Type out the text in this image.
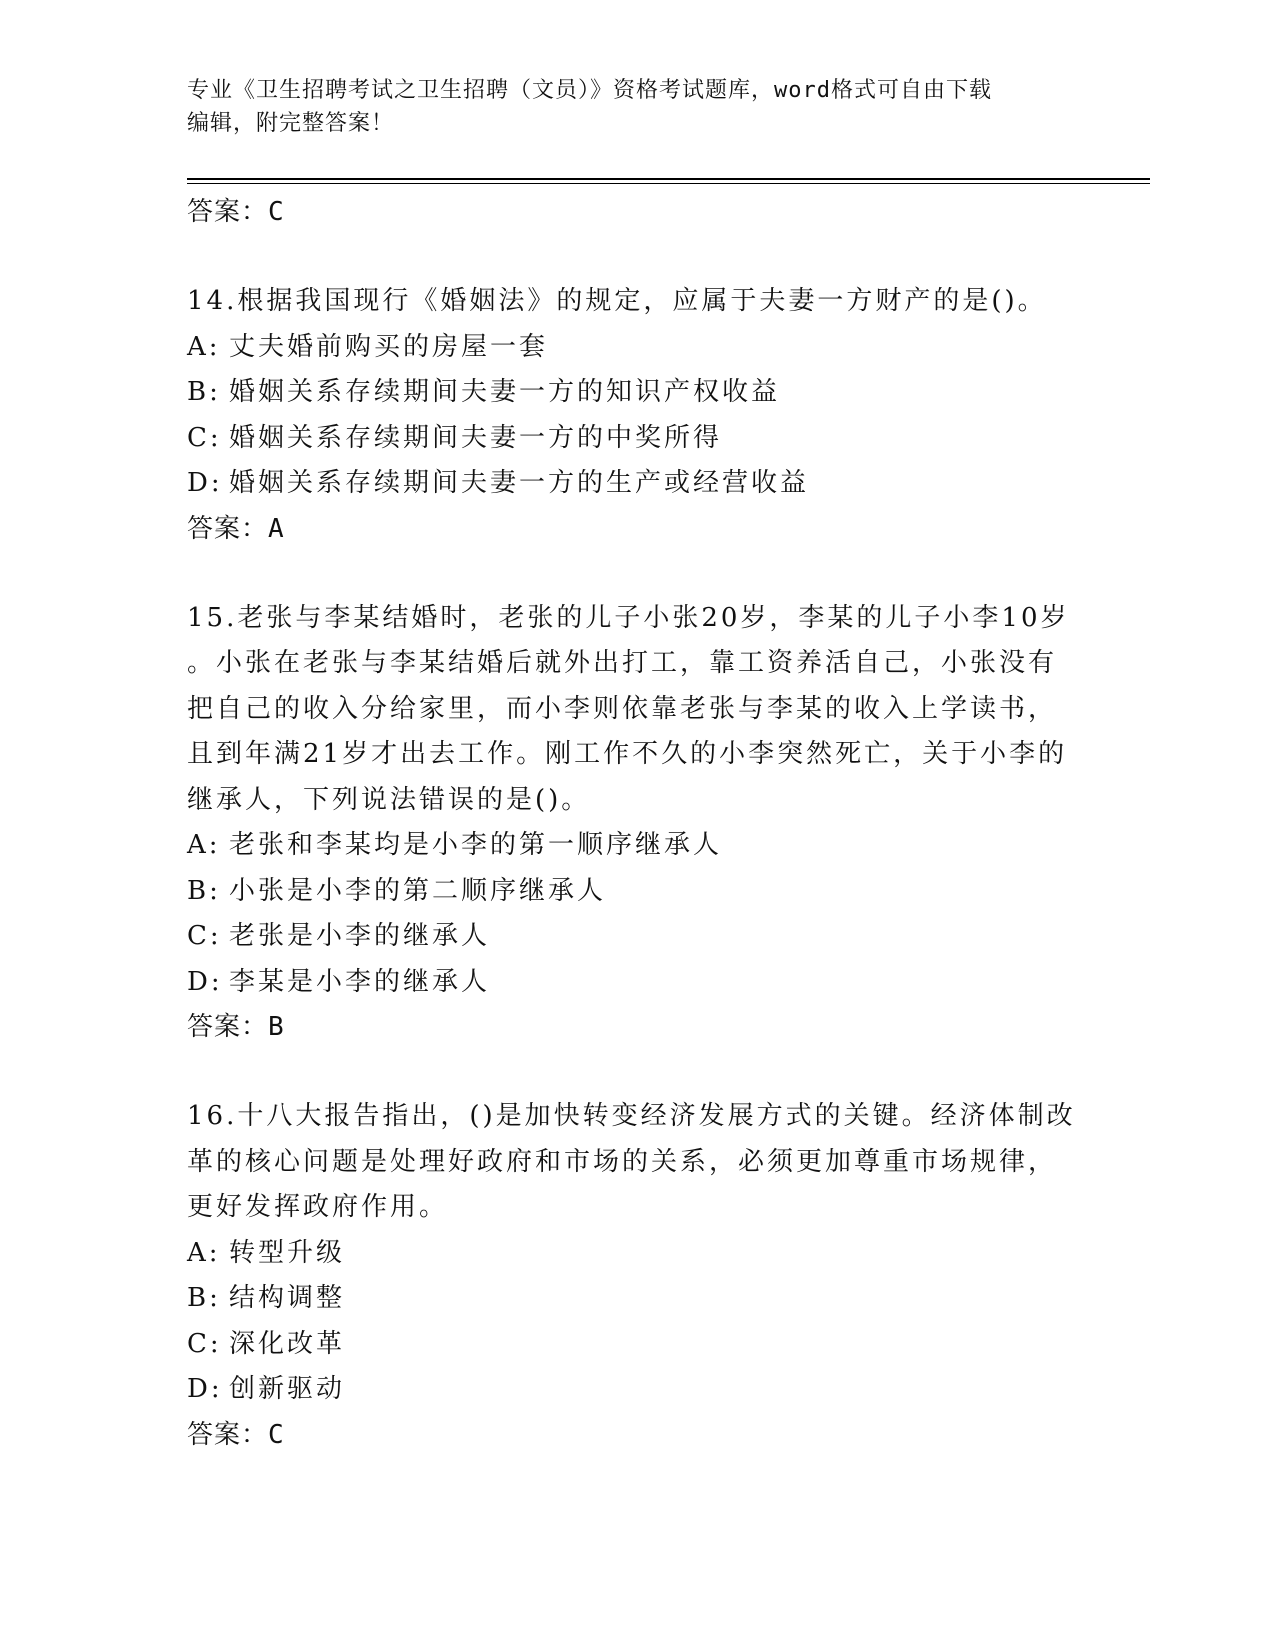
专业《卫生招聘考试之卫生招聘（文员）》资格考试题库，word格式可自由下载
编辑，附完整答案！
答案：C
14.根据我国现行《婚姻法》的规定，应属于夫妻一方财产的是()。
A: 丈夫婚前购买的房屋一套
B: 婚姻关系存续期间夫妻一方的知识产权收益
C: 婚姻关系存续期间夫妻一方的中奖所得
D: 婚姻关系存续期间夫妻一方的生产或经营收益
答案：A
15.老张与李某结婚时，老张的儿子小张20岁，李某的儿子小李10岁
。小张在老张与李某结婚后就外出打工，靠工资养活自己，小张没有
把自己的收入分给家里，而小李则依靠老张与李某的收入上学读书，
且到年满21岁才出去工作。刚工作不久的小李突然死亡，关于小李的
继承人，下列说法错误的是()。
A: 老张和李某均是小李的第一顺序继承人
B: 小张是小李的第二顺序继承人
C: 老张是小李的继承人
D: 李某是小李的继承人
答案：B
16.十八大报告指出，()是加快转变经济发展方式的关键。经济体制改
革的核心问题是处理好政府和市场的关系，必须更加尊重市场规律，
更好发挥政府作用。
A: 转型升级
B: 结构调整
C: 深化改革
D: 创新驱动
答案：C
